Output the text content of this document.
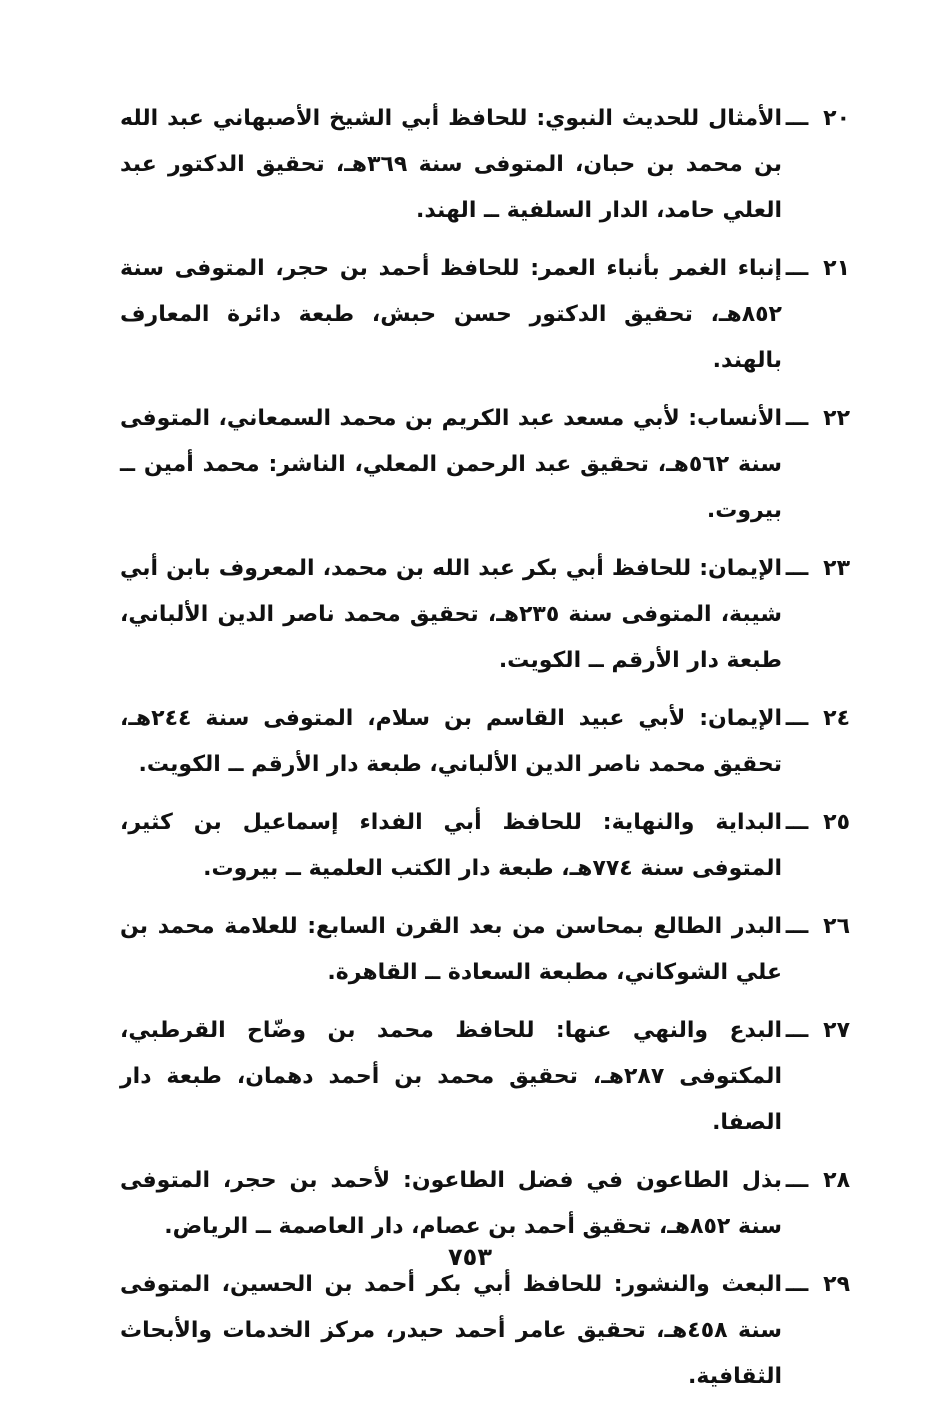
٢٠
ـــ
الأمثال للحديث النبوي: للحافظ أبي الشيخ الأصبهاني عبد الله بن محمد بن حبان، المتوفى سنة ٣٦٩هـ، تحقيق الدكتور عبد العلي حامد، الدار السلفية ــ الهند.
٢١
ـــ
إنباء الغمر بأنباء العمر: للحافظ أحمد بن حجر، المتوفى سنة ٨٥٢هـ، تحقيق الدكتور حسن حبش، طبعة دائرة المعارف بالهند.
٢٢
ـــ
الأنساب: لأبي مسعد عبد الكريم بن محمد السمعاني، المتوفى سنة ٥٦٢هـ، تحقيق عبد الرحمن المعلي، الناشر: محمد أمين ــ بيروت.
٢٣
ـــ
الإيمان: للحافظ أبي بكر عبد الله بن محمد، المعروف بابن أبي شيبة، المتوفى سنة ٢٣٥هـ، تحقيق محمد ناصر الدين الألباني، طبعة دار الأرقم ــ الكويت.
٢٤
ـــ
الإيمان: لأبي عبيد القاسم بن سلام، المتوفى سنة ٢٤٤هـ، تحقيق محمد ناصر الدين الألباني، طبعة دار الأرقم ــ الكويت.
٢٥
ـــ
البداية والنهاية: للحافظ أبي الفداء إسماعيل بن كثير، المتوفى سنة ٧٧٤هـ، طبعة دار الكتب العلمية ــ بيروت.
٢٦
ـــ
البدر الطالع بمحاسن من بعد القرن السابع: للعلامة محمد بن علي الشوكاني، مطبعة السعادة ــ القاهرة.
٢٧
ـــ
البدع والنهي عنها: للحافظ محمد بن وضّاح القرطبي، المكتوفى ٢٨٧هـ، تحقيق محمد بن أحمد دهمان، طبعة دار الصفا.
٢٨
ـــ
بذل الطاعون في فضل الطاعون: لأحمد بن حجر، المتوفى سنة ٨٥٢هـ، تحقيق أحمد بن عصام، دار العاصمة ــ الرياض.
٢٩
ـــ
البعث والنشور: للحافظ أبي بكر أحمد بن الحسين، المتوفى سنة ٤٥٨هـ، تحقيق عامر أحمد حيدر، مركز الخدمات والأبحاث الثقافية.
٧٥٣
